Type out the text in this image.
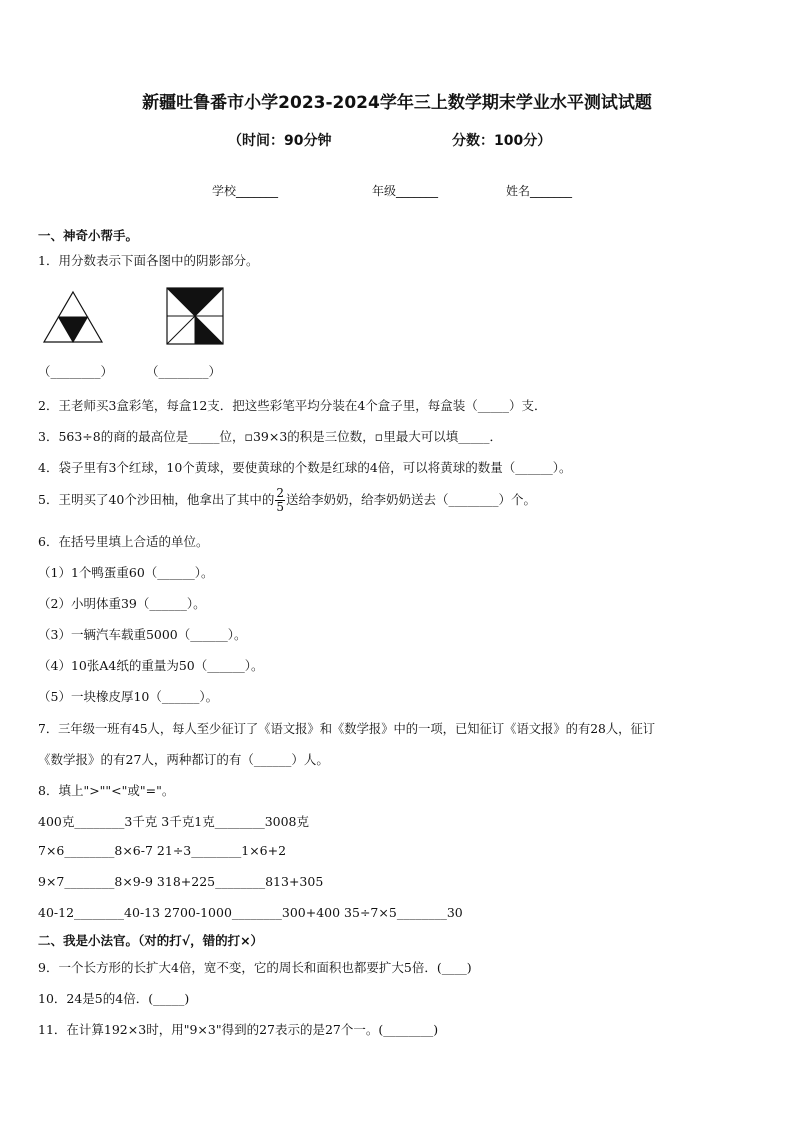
新疆吐鲁番市小学2023-2024学年三上数学期末学业水平测试试题
（时间：90分钟	分数：100分）
学校_______	年级_______	姓名_______
一、神奇小帮手。
1．用分数表示下面各图中的阴影部分。
（________）	（________）
2．王老师买3盒彩笔，每盒12支．把这些彩笔平均分装在4个盒子里，每盒装（_____）支．
3．563÷8的商的最高位是_____位，▫39×3的积是三位数，▫里最大可以填_____．
4．袋子里有3个红球，10个黄球，要使黄球的个数是红球的4倍，可以将黄球的数量（______）。
5．王明买了40个沙田柚，他拿出了其中的 $\frac{2}{5}$ 送给李奶奶，给李奶奶送去（________）个。
6．在括号里填上合适的单位。
（1）1个鸭蛋重60（______）。
（2）小明体重39（______）。
（3）一辆汽车载重5000（______）。
（4）10张A4纸的重量为50（______）。
（5）一块橡皮厚10（______）。
7．三年级一班有45人，每人至少征订了《语文报》和《数学报》中的一项，已知征订《语文报》的有28人，征订
《数学报》的有27人，两种都订的有（______）人。
8．填上">""<"或"="。
400克________3千克 3千克1克________3008克
7×6________8×6-7 21÷3________1×6+2
9×7________8×9-9 318+225________813+305
40-12________40-13 2700-1000________300+400 35÷7×5________30
二、我是小法官。（对的打√，错的打×）
9．一个长方形的长扩大4倍，宽不变，它的周长和面积也都要扩大5倍．(____)
10．24是5的4倍．(_____)
11．在计算192×3时，用"9×3"得到的27表示的是27个一。(________)
